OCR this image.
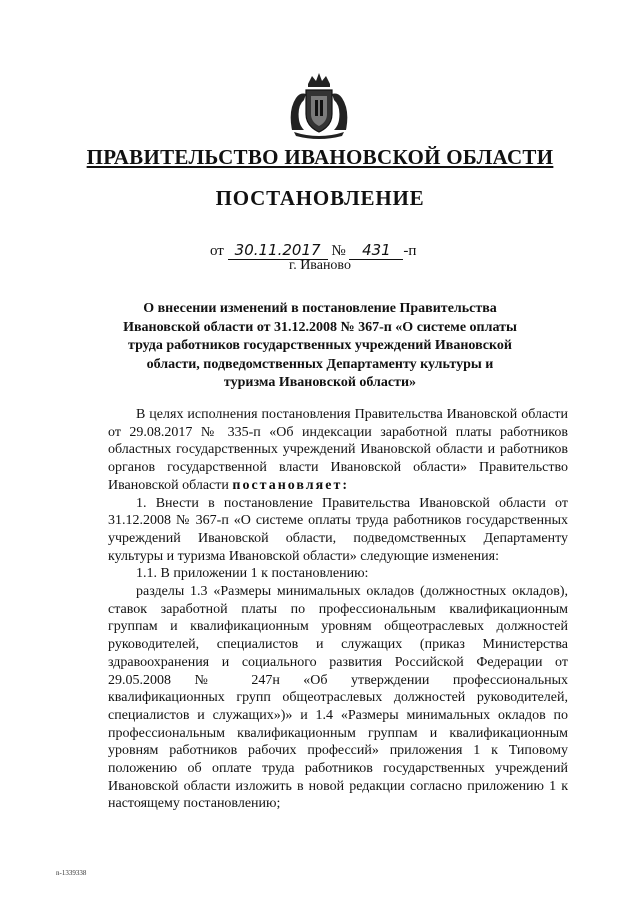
ПРАВИТЕЛЬСТВО ИВАНОВСКОЙ ОБЛАСТИ
ПОСТАНОВЛЕНИЕ
от 30.11.2017 № 431 -п
г. Иваново
О внесении изменений в постановление Правительства Ивановской области от 31.12.2008 № 367-п «О системе оплаты труда работников государственных учреждений Ивановской области, подведомственных Департаменту культуры и туризма Ивановской области»

В целях исполнения постановления Правительства Ивановской области от 29.08.2017 № 335-п «Об индексации заработной платы работников областных государственных учреждений Ивановской области и работников органов государственной власти Ивановской области» Правительство Ивановской области постановляет:

1. Внести в постановление Правительства Ивановской области от 31.12.2008 № 367-п «О системе оплаты труда работников государственных учреждений Ивановской области, подведомственных Департаменту культуры и туризма Ивановской области» следующие изменения:

1.1. В приложении 1 к постановлению:

разделы 1.3 «Размеры минимальных окладов (должностных окладов), ставок заработной платы по профессиональным квалификационным группам и квалификационным уровням общеотраслевых должностей руководителей, специалистов и служащих (приказ Министерства здравоохранения и социального развития Российской Федерации от 29.05.2008 № 247н «Об утверждении профессиональных квалификационных групп общеотраслевых должностей руководителей, специалистов и служащих»)» и 1.4 «Размеры минимальных окладов по профессиональным квалификационным группам и квалификационным уровням работников рабочих профессий» приложения 1 к Типовому положению об оплате труда работников государственных учреждений Ивановской области изложить в новой редакции согласно приложению 1 к настоящему постановлению;

n-1339338
